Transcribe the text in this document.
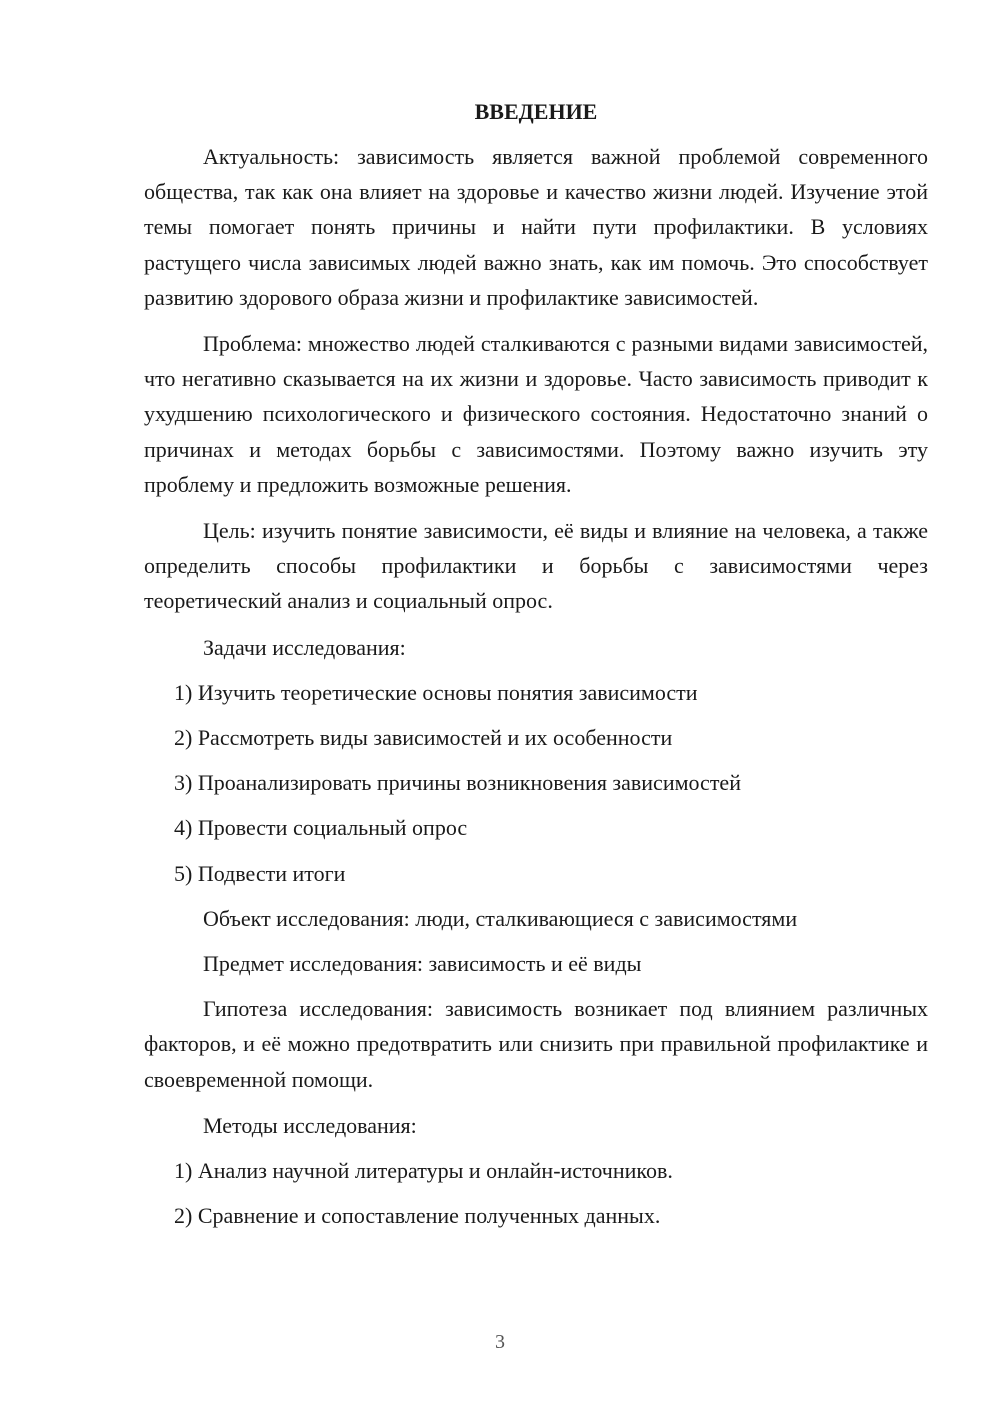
ВВЕДЕНИЕ

Актуальность: зависимость является важной проблемой современного общества, так как она влияет на здоровье и качество жизни людей. Изучение этой темы помогает понять причины и найти пути профилактики. В условиях растущего числа зависимых людей важно знать, как им помочь. Это способствует развитию здорового образа жизни и профилактике зависимостей.

Проблема: множество людей сталкиваются с разными видами зависимостей, что негативно сказывается на их жизни и здоровье. Часто зависимость приводит к ухудшению психологического и физического состояния. Недостаточно знаний о причинах и методах борьбы с зависимостями. Поэтому важно изучить эту проблему и предложить возможные решения.

Цель: изучить понятие зависимости, её виды и влияние на человека, а также определить способы профилактики и борьбы с зависимостями через теоретический анализ и социальный опрос.

Задачи исследования:

1) Изучить теоретические основы понятия зависимости

2) Рассмотреть виды зависимостей и их особенности

3) Проанализировать причины возникновения зависимостей

4) Провести социальный опрос

5) Подвести итоги

Объект исследования: люди, сталкивающиеся с зависимостями

Предмет исследования: зависимость и её виды

Гипотеза исследования: зависимость возникает под влиянием различных факторов, и её можно предотвратить или снизить при правильной профилактике и своевременной помощи.

Методы исследования:

1) Анализ научной литературы и онлайн-источников.

2) Сравнение и сопоставление полученных данных.

3
